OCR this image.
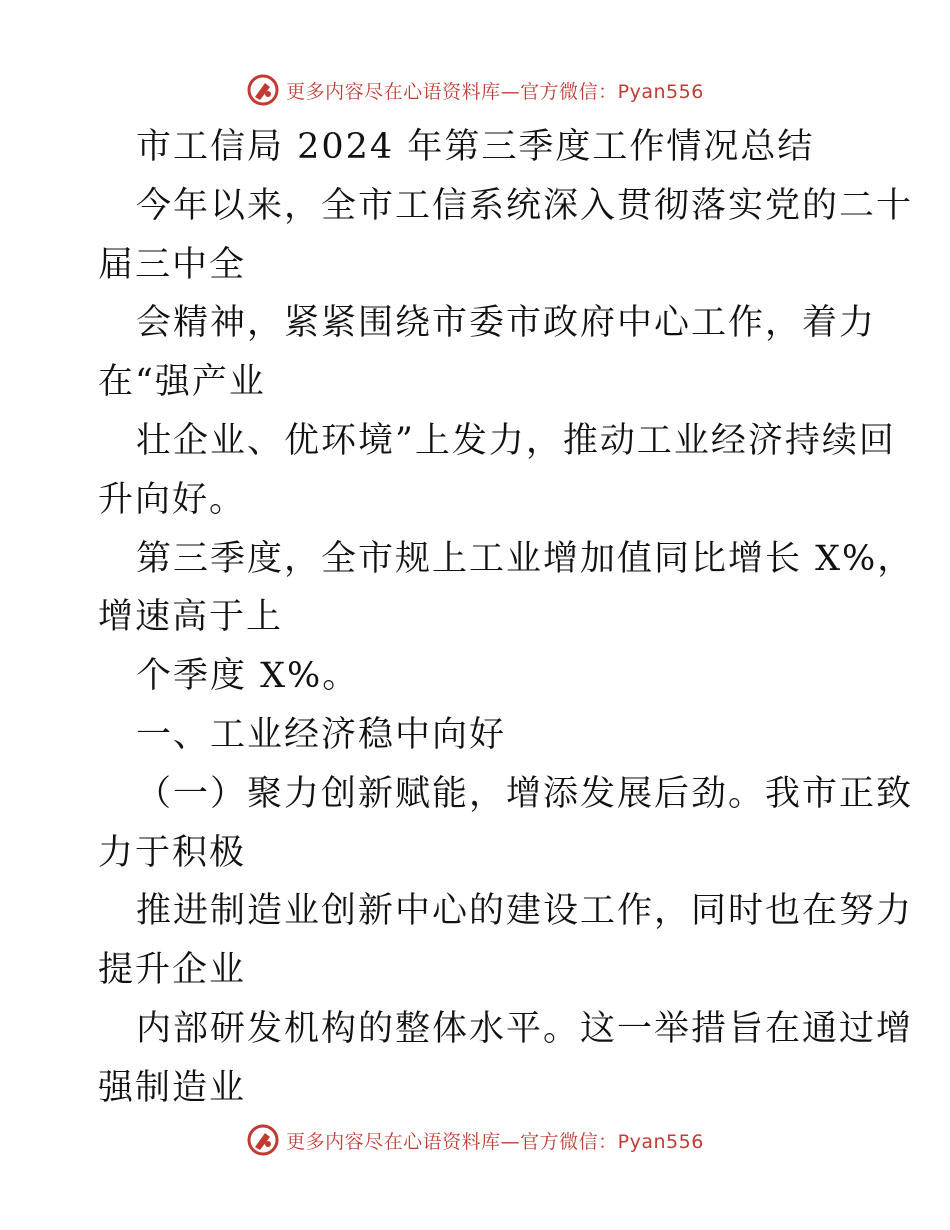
更多内容尽在心语资料库—官方微信：Pyan556
市工信局 2024 年第三季度工作情况总结
今年以来，全市工信系统深入贯彻落实党的二十
届三中全
会精神，紧紧围绕市委市政府中心工作，着力
在“强产业
壮企业、优环境”上发力，推动工业经济持续回
升向好。
第三季度，全市规上工业增加值同比增长 X%，
增速高于上
个季度 X%。
一、工业经济稳中向好
（一）聚力创新赋能，增添发展后劲。我市正致
力于积极
推进制造业创新中心的建设工作，同时也在努力
提升企业
内部研发机构的整体水平。这一举措旨在通过增
强制造业
更多内容尽在心语资料库—官方微信：Pyan556
